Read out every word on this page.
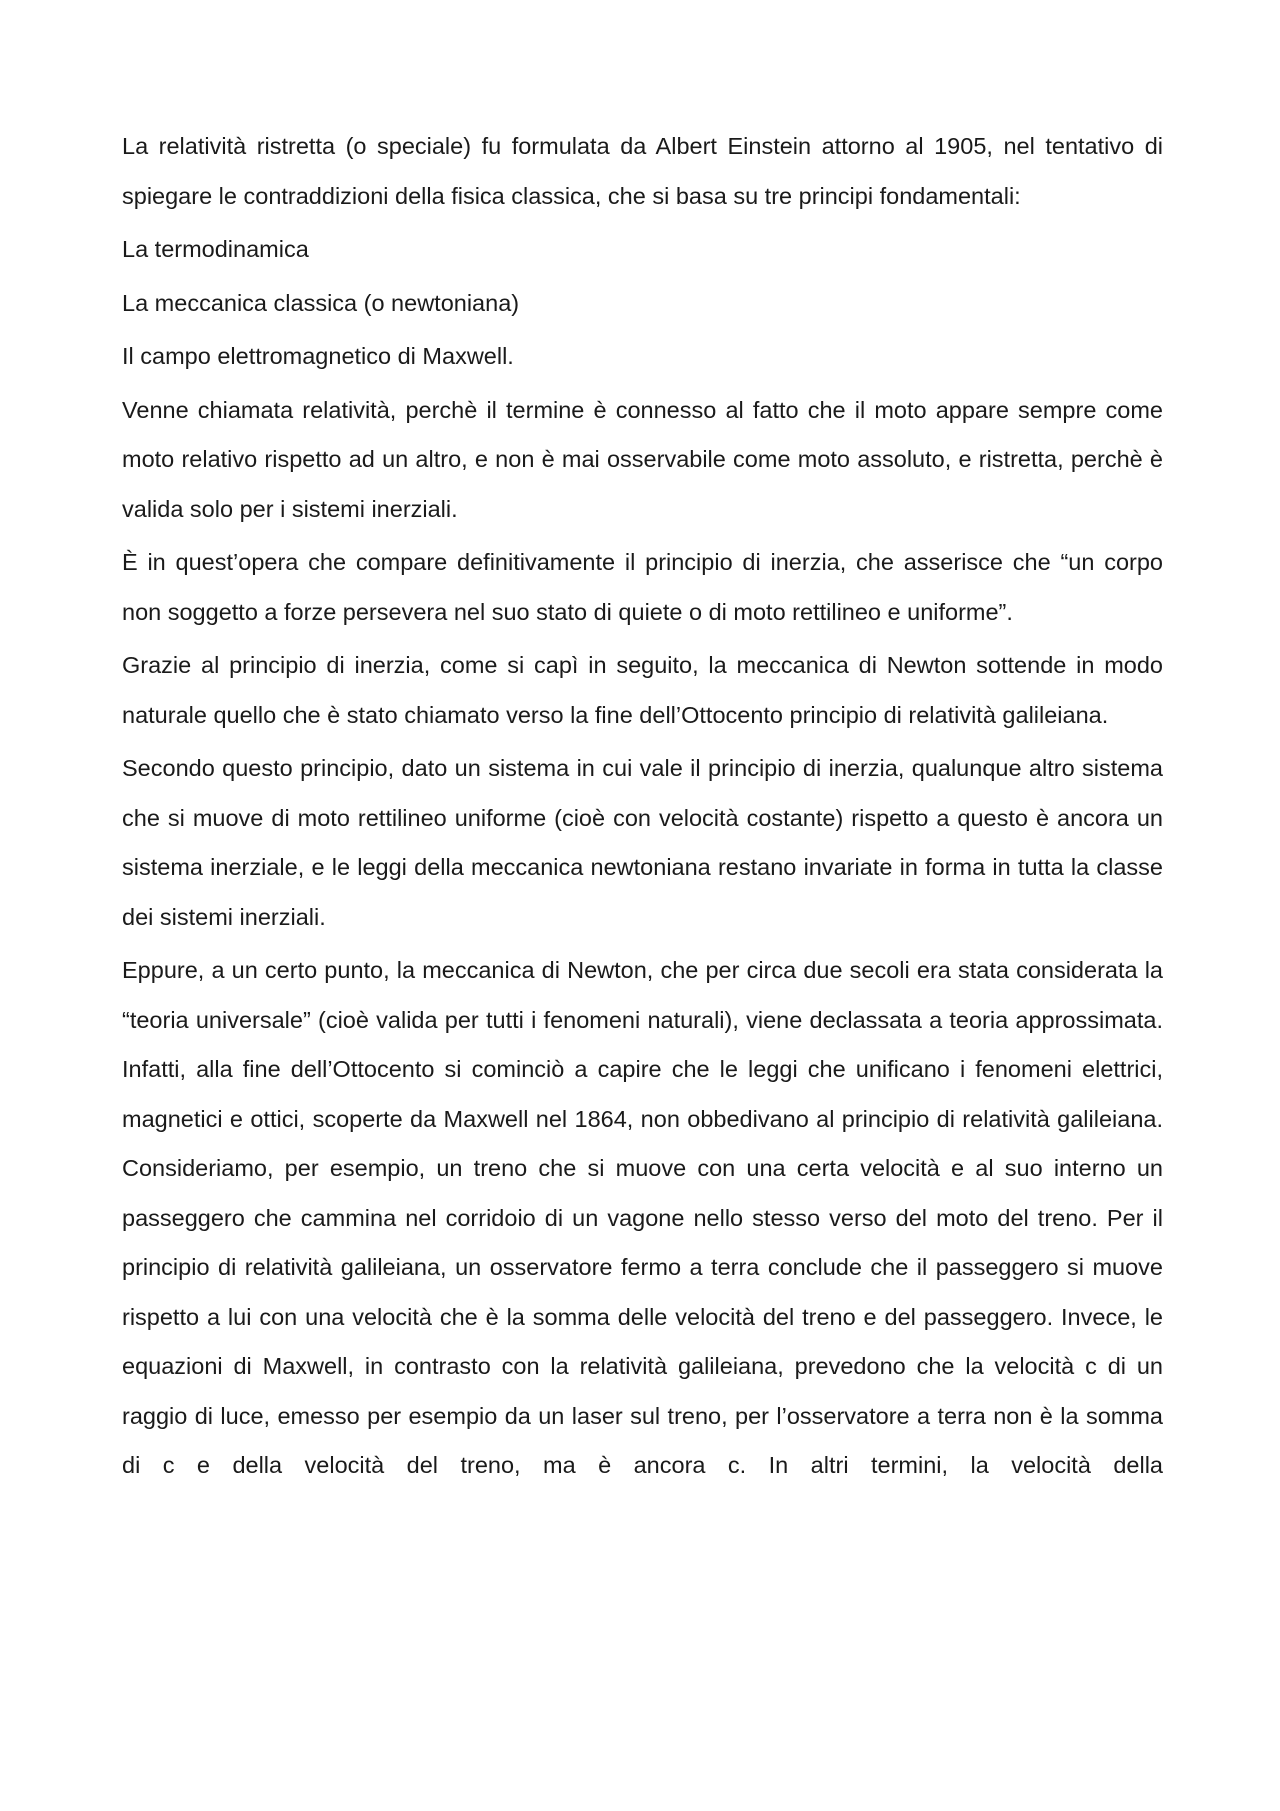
La relatività ristretta (o speciale) fu formulata da Albert Einstein attorno al 1905, nel tentativo di spiegare le contraddizioni della fisica classica, che si basa su tre principi fondamentali:

La termodinamica

La meccanica classica (o newtoniana)

Il campo elettromagnetico di Maxwell.

Venne chiamata relatività, perchè il termine è connesso al fatto che il moto appare sempre come moto relativo rispetto ad un altro, e non è mai osservabile come moto assoluto, e ristretta, perchè è valida solo per i sistemi inerziali.

È in quest’opera che compare definitivamente il principio di inerzia, che asserisce che “un corpo non soggetto a forze persevera nel suo stato di quiete o di moto rettilineo e uniforme”.

Grazie al principio di inerzia, come si capì in seguito, la meccanica di Newton sottende in modo naturale quello che è stato chiamato verso la fine dell’Ottocento principio di relatività galileiana.

Secondo questo principio, dato un sistema in cui vale il principio di inerzia, qualunque altro sistema che si muove di moto rettilineo uniforme (cioè con velocità costante) rispetto a questo è ancora un sistema inerziale, e le leggi della meccanica newtoniana restano invariate in forma in tutta la classe dei sistemi inerziali.

Eppure, a un certo punto, la meccanica di Newton, che per circa due secoli era stata considerata la “teoria universale” (cioè valida per tutti i fenomeni naturali), viene declassata a teoria approssimata. Infatti, alla fine dell’Ottocento si cominciò a capire che le leggi che unificano i fenomeni elettrici, magnetici e ottici, scoperte da Maxwell nel 1864, non obbedivano al principio di relatività galileiana. Consideriamo, per esempio, un treno che si muove con una certa velocità e al suo interno un passeggero che cammina nel corridoio di un vagone nello stesso verso del moto del treno. Per il principio di relatività galileiana, un osservatore fermo a terra conclude che il passeggero si muove rispetto a lui con una velocità che è la somma delle velocità del treno e del passeggero. Invece, le equazioni di Maxwell, in contrasto con la relatività galileiana, prevedono che la velocità c di un raggio di luce, emesso per esempio da un laser sul treno, per l’osservatore a terra non è la somma di c e della velocità del treno, ma è ancora c. In altri termini, la velocità della
